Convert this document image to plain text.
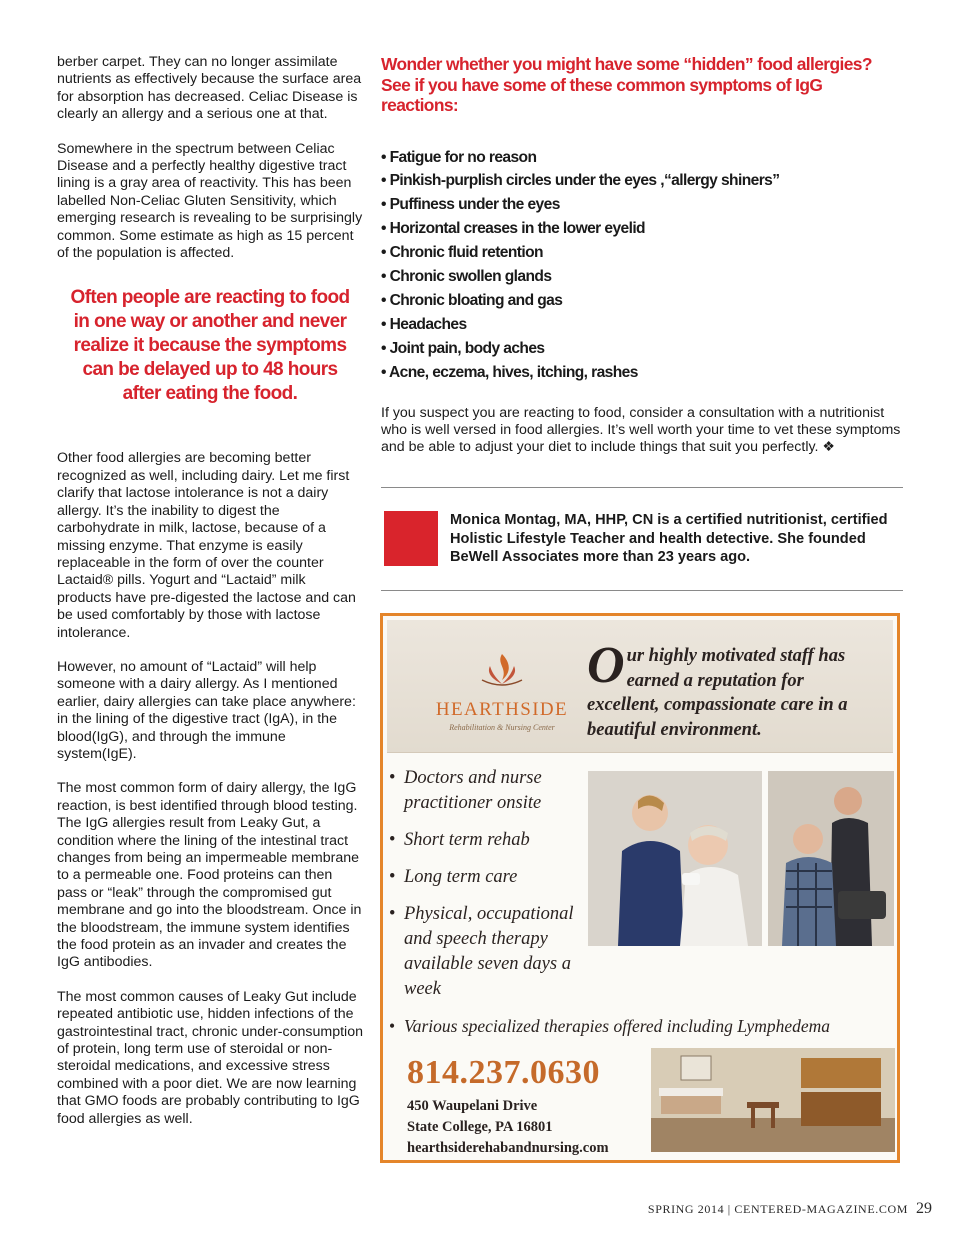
berber carpet. They can no longer assimilate nutrients as effectively because the surface area for absorption has decreased. Celiac Disease is clearly an allergy and a serious one at that.

Somewhere in the spectrum between Celiac Disease and a perfectly healthy digestive tract lining is a gray area of reactivity. This has been labelled Non-Celiac Gluten Sensitivity, which emerging research is revealing to be surprisingly common. Some estimate as high as 15 percent of the population is affected.

Often people are reacting to food in one way or another and never realize it because the symptoms can be delayed up to 48 hours after eating the food.

Other food allergies are becoming better recognized as well, including dairy. Let me first clarify that lactose intolerance is not a dairy allergy. It’s the inability to digest the carbohydrate in milk, lactose, because of a missing enzyme. That enzyme is easily replaceable in the form of over the counter Lactaid® pills. Yogurt and “Lactaid” milk products have pre-digested the lactose and can be used comfortably by those with lactose intolerance.

However, no amount of “Lactaid” will help someone with a dairy allergy. As I mentioned earlier, dairy allergies can take place anywhere: in the lining of the digestive tract (IgA), in the blood(IgG), and through the immune system(IgE).

The most common form of dairy allergy, the IgG reaction, is best identified through blood testing. The IgG allergies result from Leaky Gut, a condition where the lining of the intestinal tract changes from being an impermeable membrane to a permeable one. Food proteins can then pass or “leak” through the compromised gut membrane and go into the bloodstream. Once in the bloodstream, the immune system identifies the food protein as an invader and creates the IgG antibodies.

The most common causes of Leaky Gut include repeated antibiotic use, hidden infections of the gastrointestinal tract, chronic under-consumption of protein, long term use of steroidal or non-steroidal medications, and excessive stress combined with a poor diet. We are now learning that GMO foods are probably contributing to IgG food allergies as well.

Wonder whether you might have some “hidden” food allergies? See if you have some of these common symptoms of IgG reactions:
• Fatigue for no reason
• Pinkish-purplish circles under the eyes ,“allergy shiners”
• Puffiness under the eyes
• Horizontal creases in the lower eyelid
• Chronic fluid retention
• Chronic swollen glands
• Chronic bloating and gas
• Headaches
• Joint pain, body aches
• Acne, eczema, hives, itching, rashes

If you suspect you are reacting to food, consider a consultation with a nutritionist who is well versed in food allergies. It’s well worth your time to vet these symptoms and be able to adjust your diet to include things that suit you perfectly. ❖

Monica Montag, MA, HHP, CN is a certified nutritionist, certified Holistic Lifestyle Teacher and health detective. She founded BeWell Associates more than 23 years ago.
HEARTHSIDE
Rehabilitation & Nursing Center
Our highly motivated staff has earned a reputation for excellent, compassionate care in a beautiful environment.
• Doctors and nurse practitioner onsite
• Short term rehab
• Long term care
• Physical, occupational and speech therapy available seven days a week
• Various specialized therapies offered including Lymphedema
814.237.0630
450 Waupelani Drive
State College, PA 16801
hearthsiderehabandnursing.com
SPRING 2014 | CENTERED-MAGAZINE.COM 29
